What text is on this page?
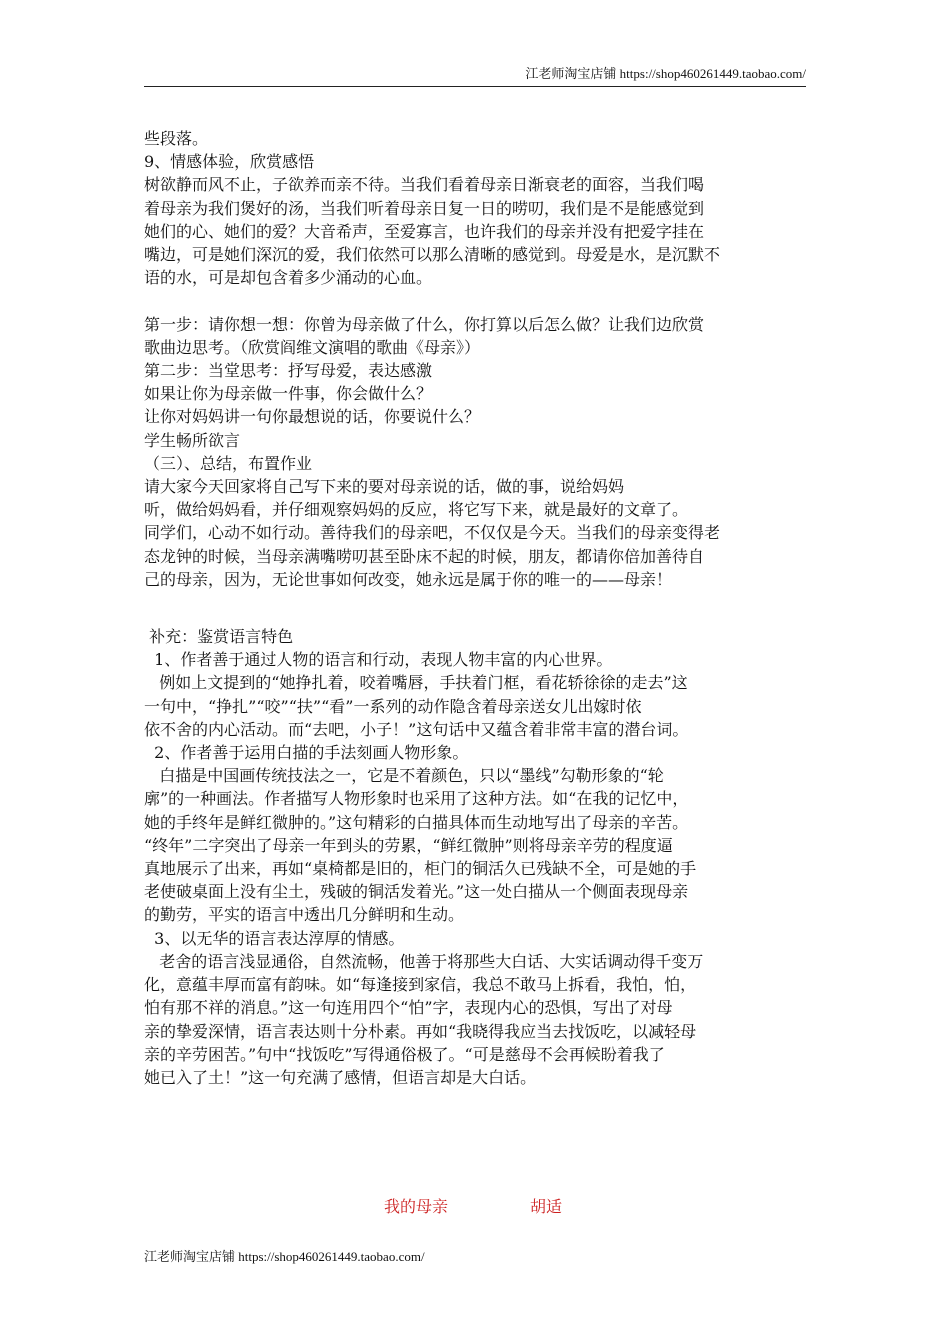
江老师淘宝店铺 https://shop460261449.taobao.com/

些段落。

9、情感体验，欣赏感悟

树欲静而风不止，子欲养而亲不待。当我们看着母亲日渐衰老的面容，当我们喝

着母亲为我们煲好的汤，当我们听着母亲日复一日的唠叨，我们是不是能感觉到

她们的心、她们的爱？大音希声，至爱寡言，也许我们的母亲并没有把爱字挂在

嘴边，可是她们深沉的爱，我们依然可以那么清晰的感觉到。母爱是水，是沉默不

语的水，可是却包含着多少涌动的心血。

第一步：请你想一想：你曾为母亲做了什么，你打算以后怎么做？让我们边欣赏

歌曲边思考。（欣赏阎维文演唱的歌曲《母亲》）

第二步：当堂思考：抒写母爱，表达感激

如果让你为母亲做一件事，你会做什么？

让你对妈妈讲一句你最想说的话，你要说什么？

学生畅所欲言

（三）、总结，布置作业

请大家今天回家将自己写下来的要对母亲说的话，做的事，说给妈妈

听，做给妈妈看，并仔细观察妈妈的反应，将它写下来，就是最好的文章了。

同学们，心动不如行动。善待我们的母亲吧，不仅仅是今天。当我们的母亲变得老

态龙钟的时候，当母亲满嘴唠叨甚至卧床不起的时候，朋友，都请你倍加善待自

己的母亲，因为，无论世事如何改变，她永远是属于你的唯一的——母亲！

补充：鉴赏语言特色

1、作者善于通过人物的语言和行动，表现人物丰富的内心世界。

例如上文提到的“她挣扎着，咬着嘴唇，手扶着门框，看花轿徐徐的走去”这

一句中，“挣扎”“咬”“扶”“看”一系列的动作隐含着母亲送女儿出嫁时依

依不舍的内心活动。而“去吧，小子！”这句话中又蕴含着非常丰富的潜台词。

2、作者善于运用白描的手法刻画人物形象。

白描是中国画传统技法之一，它是不着颜色，只以“墨线”勾勒形象的“轮

廓”的一种画法。作者描写人物形象时也采用了这种方法。如“在我的记忆中，

她的手终年是鲜红微肿的。”这句精彩的白描具体而生动地写出了母亲的辛苦。

“终年”二字突出了母亲一年到头的劳累，“鲜红微肿”则将母亲辛劳的程度逼

真地展示了出来，再如“桌椅都是旧的，柜门的铜活久已残缺不全，可是她的手

老使破桌面上没有尘土，残破的铜活发着光。”这一处白描从一个侧面表现母亲

的勤劳，平实的语言中透出几分鲜明和生动。

3、以无华的语言表达淳厚的情感。

老舍的语言浅显通俗，自然流畅，他善于将那些大白话、大实话调动得千变万

化，意蕴丰厚而富有韵味。如“每逢接到家信，我总不敢马上拆看，我怕，怕，

怕有那不祥的消息。”这一句连用四个“怕”字，表现内心的恐惧，写出了对母

亲的挚爱深情，语言表达则十分朴素。再如“我晓得我应当去找饭吃，以减轻母

亲的辛劳困苦。”句中“找饭吃”写得通俗极了。“可是慈母不会再候盼着我了

她已入了土！”这一句充满了感情，但语言却是大白话。

我的母亲	胡适
江老师淘宝店铺 https://shop460261449.taobao.com/
